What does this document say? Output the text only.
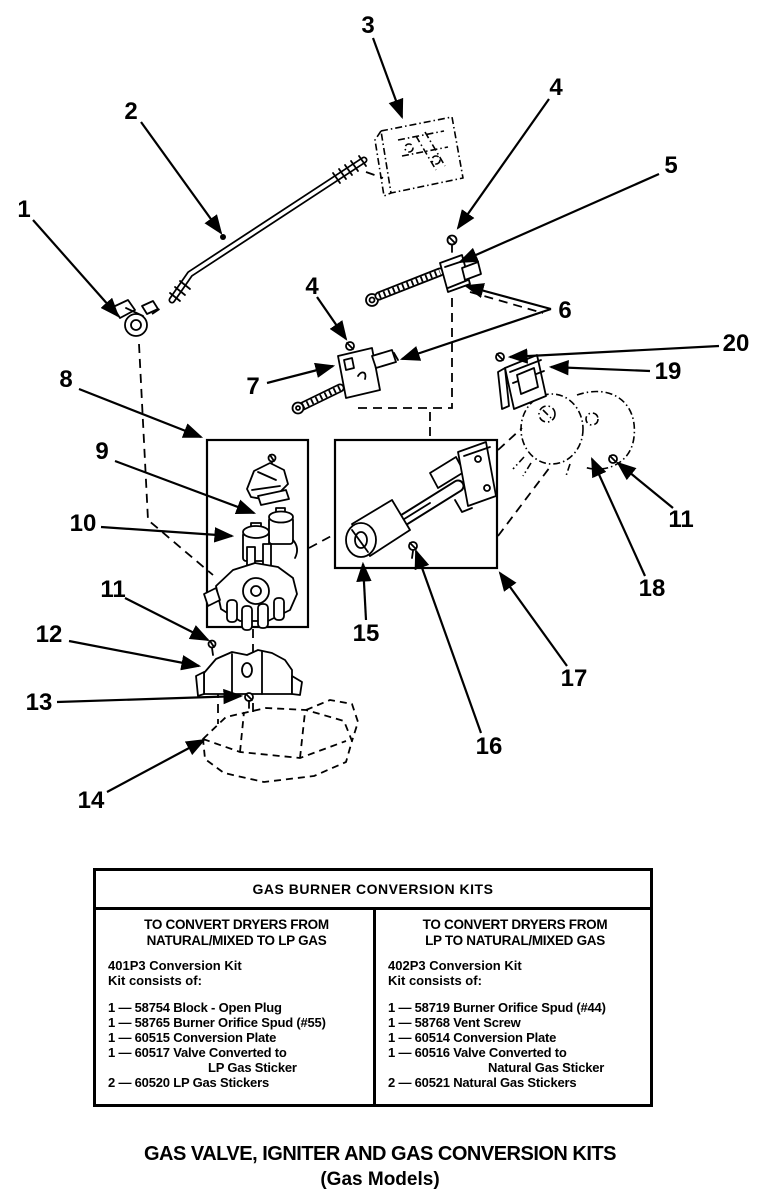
1
2
3
4
5
4
6
7
8
9
10
11
12
13
14
15
16
17
18
11
19
20
GAS BURNER CONVERSION KITS
TO CONVERT DRYERS FROM
NATURAL/MIXED TO LP GAS
401P3 Conversion Kit
Kit consists of:
1 — 58754 Block - Open Plug
1 — 58765 Burner Orifice Spud (#55)
1 — 60515 Conversion Plate
1 — 60517 Valve Converted to
LP Gas Sticker
2 — 60520 LP Gas Stickers
TO CONVERT DRYERS FROM
LP TO NATURAL/MIXED GAS
402P3 Conversion Kit
Kit consists of:
1 — 58719 Burner Orifice Spud (#44)
1 — 58768 Vent Screw
1 — 60514 Conversion Plate
1 — 60516 Valve Converted to
Natural Gas Sticker
2 — 60521 Natural Gas Stickers
GAS VALVE, IGNITER AND GAS CONVERSION KITS
(Gas Models)
